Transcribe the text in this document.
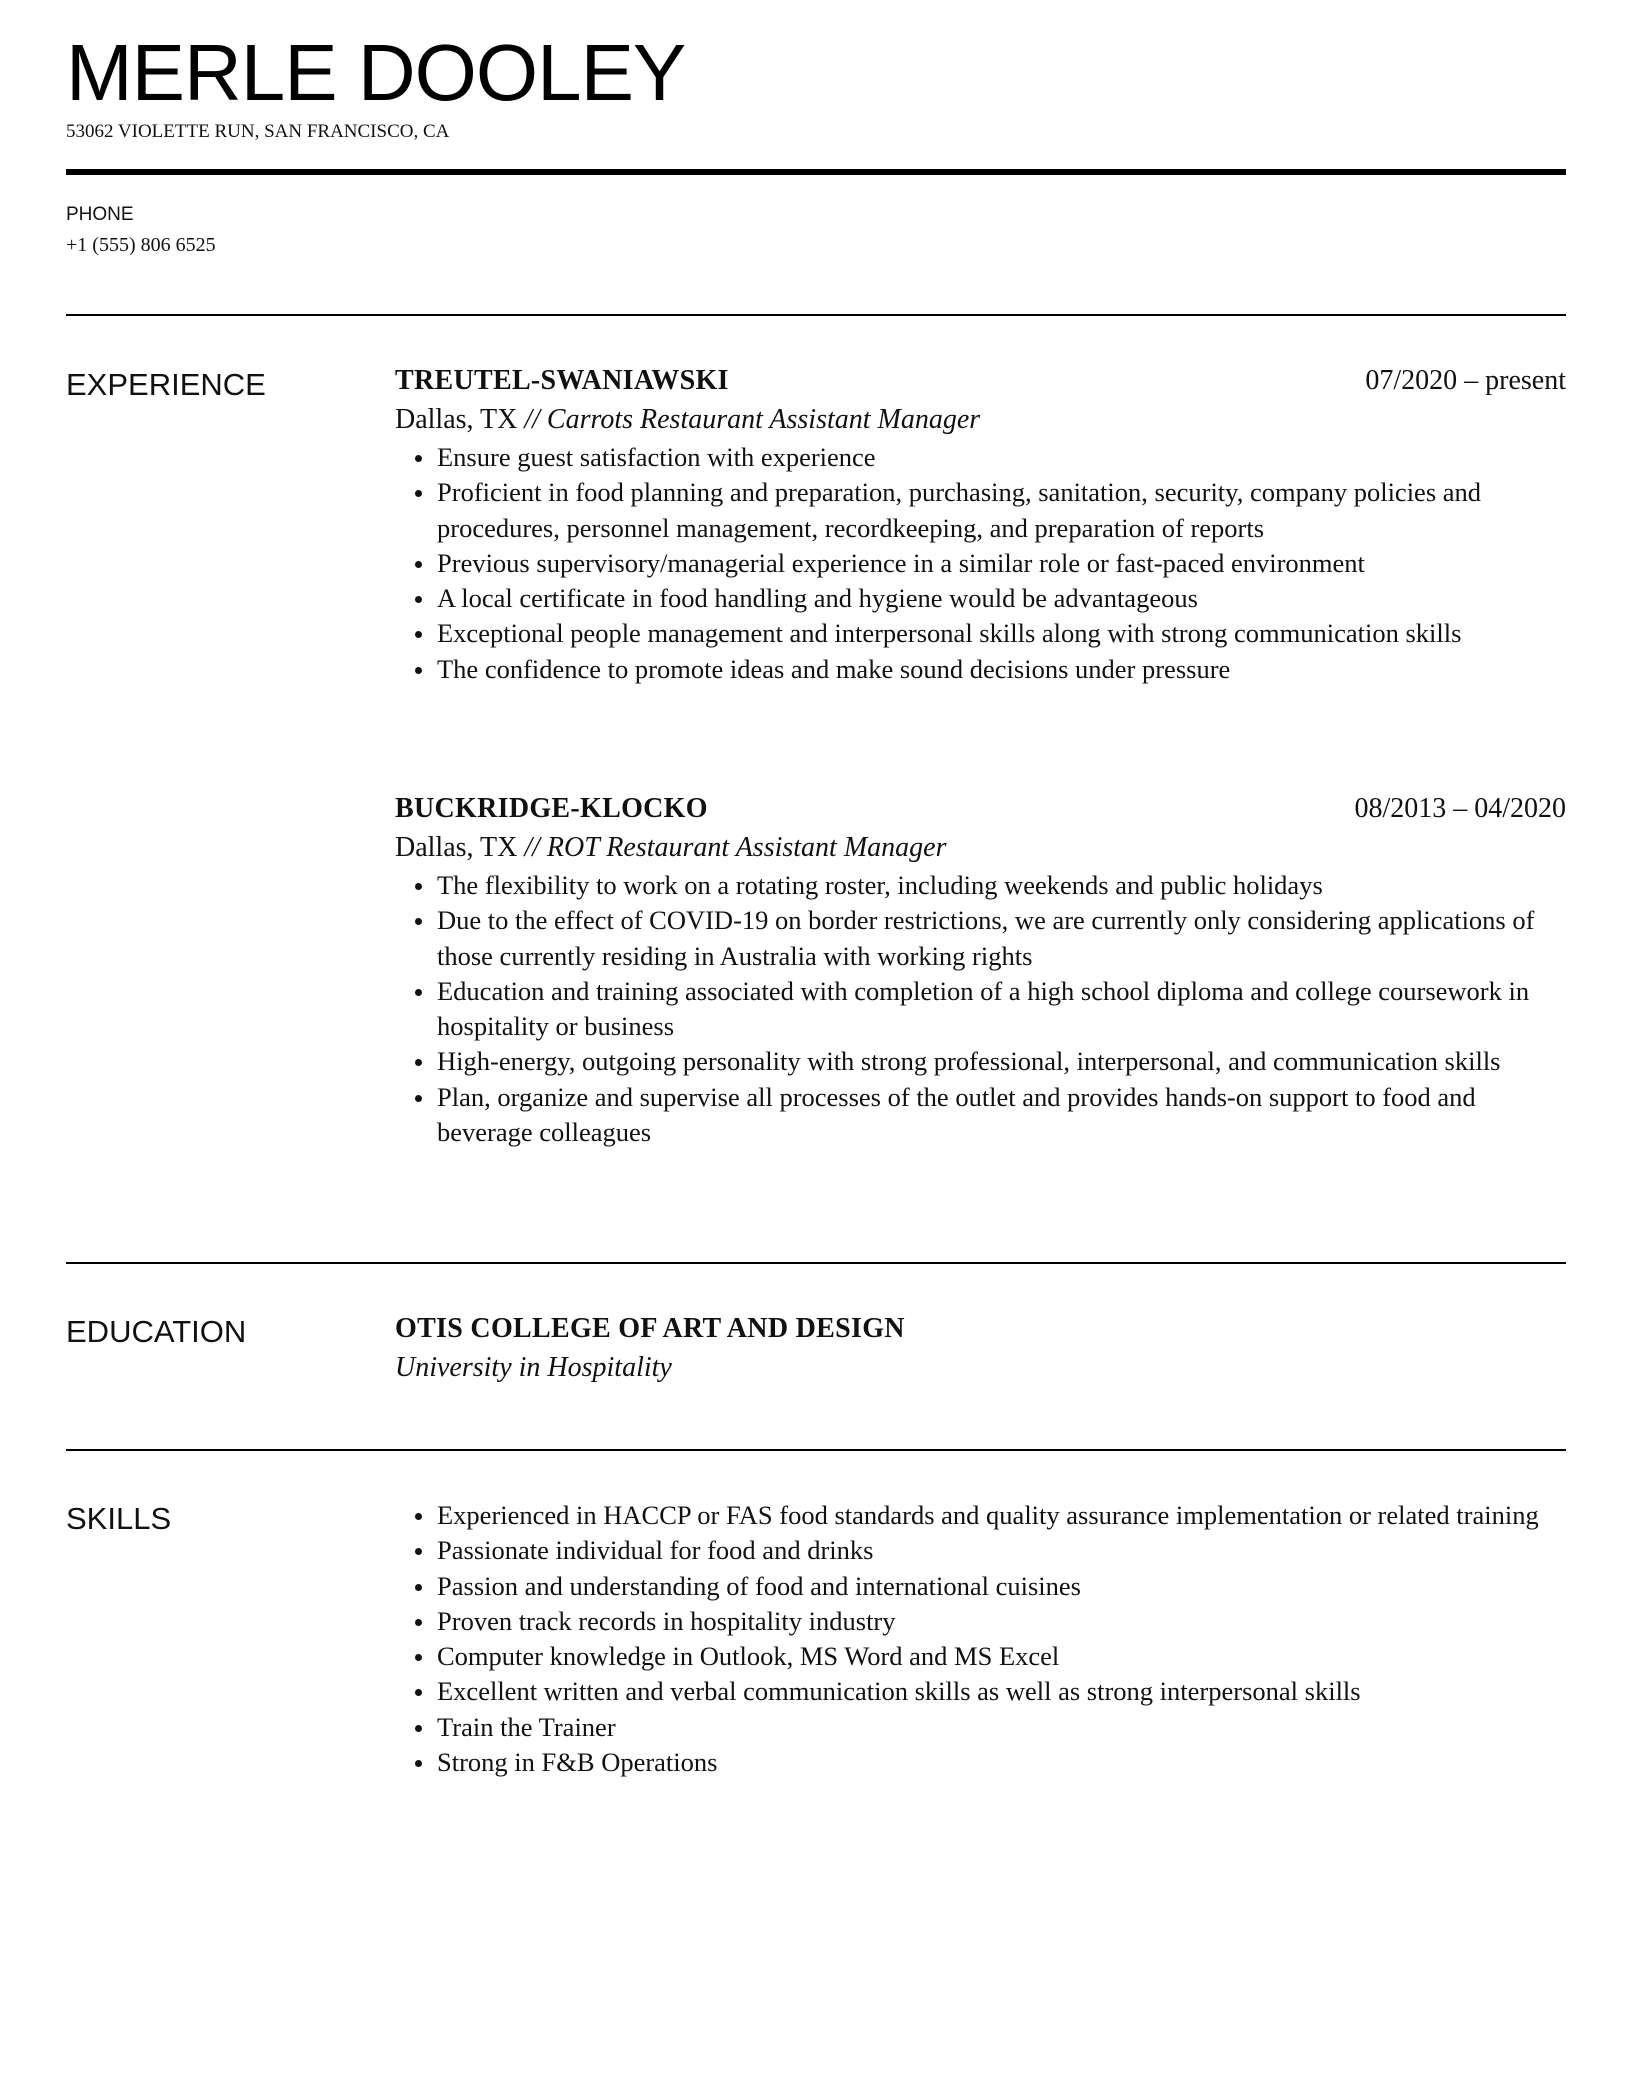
MERLE DOOLEY
53062 VIOLETTE RUN, SAN FRANCISCO, CA
PHONE
+1 (555) 806 6525
EXPERIENCE	TREUTEL-SWANIAWSKI	07/2020 – present
Dallas, TX // Carrots Restaurant Assistant Manager
Ensure guest satisfaction with experience
Proficient in food planning and preparation, purchasing, sanitation, security, company policies and procedures, personnel management, recordkeeping, and preparation of reports
Previous supervisory/managerial experience in a similar role or fast-paced environment
A local certificate in food handling and hygiene would be advantageous
Exceptional people management and interpersonal skills along with strong communication skills
The confidence to promote ideas and make sound decisions under pressure
BUCKRIDGE-KLOCKO	08/2013 – 04/2020
Dallas, TX // ROT Restaurant Assistant Manager
The flexibility to work on a rotating roster, including weekends and public holidays
Due to the effect of COVID-19 on border restrictions, we are currently only considering applications of those currently residing in Australia with working rights
Education and training associated with completion of a high school diploma and college coursework in hospitality or business
High-energy, outgoing personality with strong professional, interpersonal, and communication skills
Plan, organize and supervise all processes of the outlet and provides hands-on support to food and beverage colleagues
EDUCATION	OTIS COLLEGE OF ART AND DESIGN
University in Hospitality
SKILLS	Experienced in HACCP or FAS food standards and quality assurance implementation or related training
Passionate individual for food and drinks
Passion and understanding of food and international cuisines
Proven track records in hospitality industry
Computer knowledge in Outlook, MS Word and MS Excel
Excellent written and verbal communication skills as well as strong interpersonal skills
Train the Trainer
Strong in F&B Operations
